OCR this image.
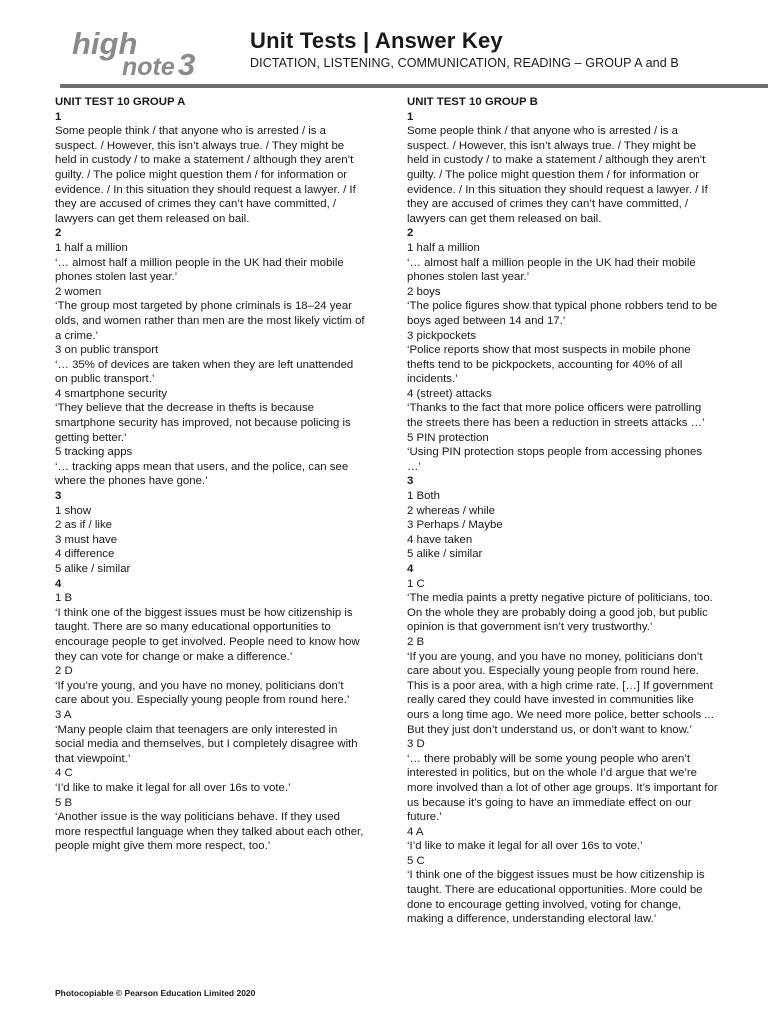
high
note 3
Unit Tests | Answer Key
DICTATION, LISTENING, COMMUNICATION, READING – GROUP A and B
UNIT TEST 10 GROUP A
1
Some people think / that anyone who is arrested / is a suspect. / However, this isn’t always true. / They might be held in custody / to make a statement / although they aren’t guilty. / The police might question them / for information or evidence. / In this situation they should request a lawyer. / If they are accused of crimes they can’t have committed, / lawyers can get them released on bail.
2
1 half a million
‘… almost half a million people in the UK had their mobile phones stolen last year.’
2 women
‘The group most targeted by phone criminals is 18–24 year olds, and women rather than men are the most likely victim of a crime.’
3 on public transport
‘… 35% of devices are taken when they are left unattended on public transport.’
4 smartphone security
‘They believe that the decrease in thefts is because smartphone security has improved, not because policing is getting better.’
5 tracking apps
‘… tracking apps mean that users, and the police, can see where the phones have gone.’
3
1 show
2 as if / like
3 must have
4 difference
5 alike / similar
4
1 B
‘I think one of the biggest issues must be how citizenship is taught. There are so many educational opportunities to encourage people to get involved. People need to know how they can vote for change or make a difference.’
2 D
‘If you’re young, and you have no money, politicians don’t care about you. Especially young people from round here.’
3 A
‘Many people claim that teenagers are only interested in social media and themselves, but I completely disagree with that viewpoint.’
4 C
‘I’d like to make it legal for all over 16s to vote.’
5 B
‘Another issue is the way politicians behave. If they used more respectful language when they talked about each other, people might give them more respect, too.’
UNIT TEST 10 GROUP B
1
Some people think / that anyone who is arrested / is a suspect. / However, this isn’t always true. / They might be held in custody / to make a statement / although they aren’t guilty. / The police might question them / for information or evidence. / In this situation they should request a lawyer. / If they are accused of crimes they can’t have committed, / lawyers can get them released on bail.
2
1 half a million
‘… almost half a million people in the UK had their mobile phones stolen last year.’
2 boys
‘The police figures show that typical phone robbers tend to be boys aged between 14 and 17.’
3 pickpockets
‘Police reports show that most suspects in mobile phone thefts tend to be pickpockets, accounting for 40% of all incidents.’
4 (street) attacks
‘Thanks to the fact that more police officers were patrolling the streets there has been a reduction in streets attacks …’
5 PIN protection
‘Using PIN protection stops people from accessing phones …’
3
1 Both
2 whereas / while
3 Perhaps / Maybe
4 have taken
5 alike / similar
4
1 C
‘The media paints a pretty negative picture of politicians, too. On the whole they are probably doing a good job, but public opinion is that government isn’t very trustworthy.’
2 B
‘If you are young, and you have no money, politicians don’t care about you. Especially young people from round here. This is a poor area, with a high crime rate. […] If government really cared they could have invested in communities like ours a long time ago. We need more police, better schools ... But they just don’t understand us, or don’t want to know.’
3 D
‘… there probably will be some young people who aren’t interested in politics, but on the whole I’d argue that we’re more involved than a lot of other age groups. It’s important for us because it’s going to have an immediate effect on our future.’
4 A
‘I’d like to make it legal for all over 16s to vote.’
5 C
‘I think one of the biggest issues must be how citizenship is taught. There are educational opportunities. More could be done to encourage getting involved, voting for change, making a difference, understanding electoral law.’
Photocopiable © Pearson Education Limited 2020
